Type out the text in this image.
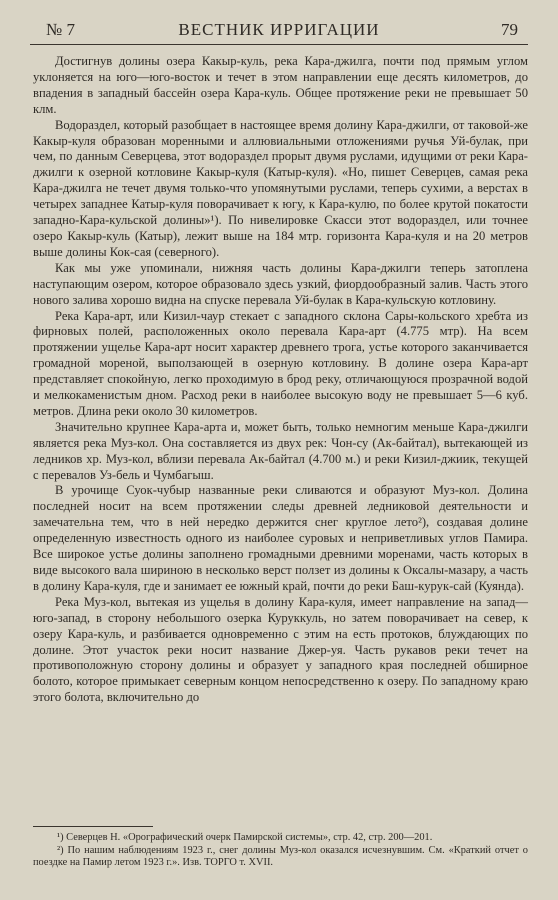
№ 7	ВЕСТНИК ИРРИГАЦИИ	79

Достигнув долины озера Какыр-куль, река Кара-джилга, почти под прямым углом уклоняется на юго—юго-восток и течет в этом направлении еще десять километров, до впадения в западный бассейн озера Кара-куль. Общее протяжение реки не превышает 50 клм.

Водораздел, который разобщает в настоящее время долину Кара-джилги, от таковой-же Какыр-куля образован моренными и аллювиальными отложениями ручья Уй-булак, при чем, по данным Северцева, этот водораздел прорыт двумя руслами, идущими от реки Кара-джилги к озерной котловине Какыр-куля (Катыр-куля). «Но, пишет Северцев, самая река Кара-джилга не течет двумя только-что упомянутыми руслами, теперь сухими, а верстах в четырех западнее Катыр-куля поворачивает к югу, к Кара-кулю, по более крутой покатости западно-Кара-кульской долины»¹). По нивелировке Скасси этот водораздел, или точнее озеро Какыр-куль (Катыр), лежит выше на 184 мтр. горизонта Кара-куля и на 20 метров выше долины Кок-сая (северного).

Как мы уже упоминали, нижняя часть долины Кара-джилги теперь затоплена наступающим озером, которое образовало здесь узкий, фиордообразный залив. Часть этого нового залива хорошо видна на спуске перевала Уй-булак в Кара-кульскую котловину.

Река Кара-арт, или Кизил-чаур стекает с западного склона Сары-кольского хребта из фирновых полей, расположенных около перевала Кара-арт (4.775 мтр). На всем протяжении ущелье Кара-арт носит характер древнего трога, устье которого заканчивается громадной мореной, выползающей в озерную котловину. В долине озера Кара-арт представляет спокойную, легко проходимую в брод реку, отличающуюся прозрачной водой и мелкокаменистым дном. Расход реки в наиболее высокую воду не превышает 5—6 куб. метров. Длина реки около 30 километров.

Значительно крупнее Кара-арта и, может быть, только немногим меньше Кара-джилги является река Муз-кол. Она составляется из двух рек: Чон-су (Ак-байтал), вытекающей из ледников хр. Муз-кол, вблизи перевала Ак-байтал (4.700 м.) и реки Кизил-джиик, текущей с перевалов Уз-бель и Чумбагыш.

В урочище Суок-чубыр названные реки сливаются и образуют Муз-кол. Долина последней носит на всем протяжении следы древней ледниковой деятельности и замечательна тем, что в ней нередко держится снег круглое лето²), создавая долине определенную известность одного из наиболее суровых и неприветливых углов Памира. Все широкое устье долины заполнено громадными древними моренами, часть которых в виде высокого вала шириною в несколько верст ползет из долины к Оксалы-мазару, а часть в долину Кара-куля, где и занимает ее южный край, почти до реки Баш-курук-сай (Куянда).

Река Муз-кол, вытекая из ущелья в долину Кара-куля, имеет направление на запад—юго-запад, в сторону небольшого озерка Куруккуль, но затем поворачивает на север, к озеру Кара-куль, и разбивается одновременно с этим на есть протоков, блуждающих по долине. Этот участок реки носит название Джер-уя. Часть рукавов реки течет на противоположную сторону долины и образует у западного края последней обширное болото, которое примыкает северным концом непосредственно к озеру. По западному краю этого болота, включительно до

¹) Северцев Н. «Орографический очерк Памирской системы», стр. 42, стр. 200—201.

²) По нашим наблюдениям 1923 г., снег долины Муз-кол оказался исчезнувшим. См. «Краткий отчет о поездке на Памир летом 1923 г.». Изв. ТОРГО т. XVII.
